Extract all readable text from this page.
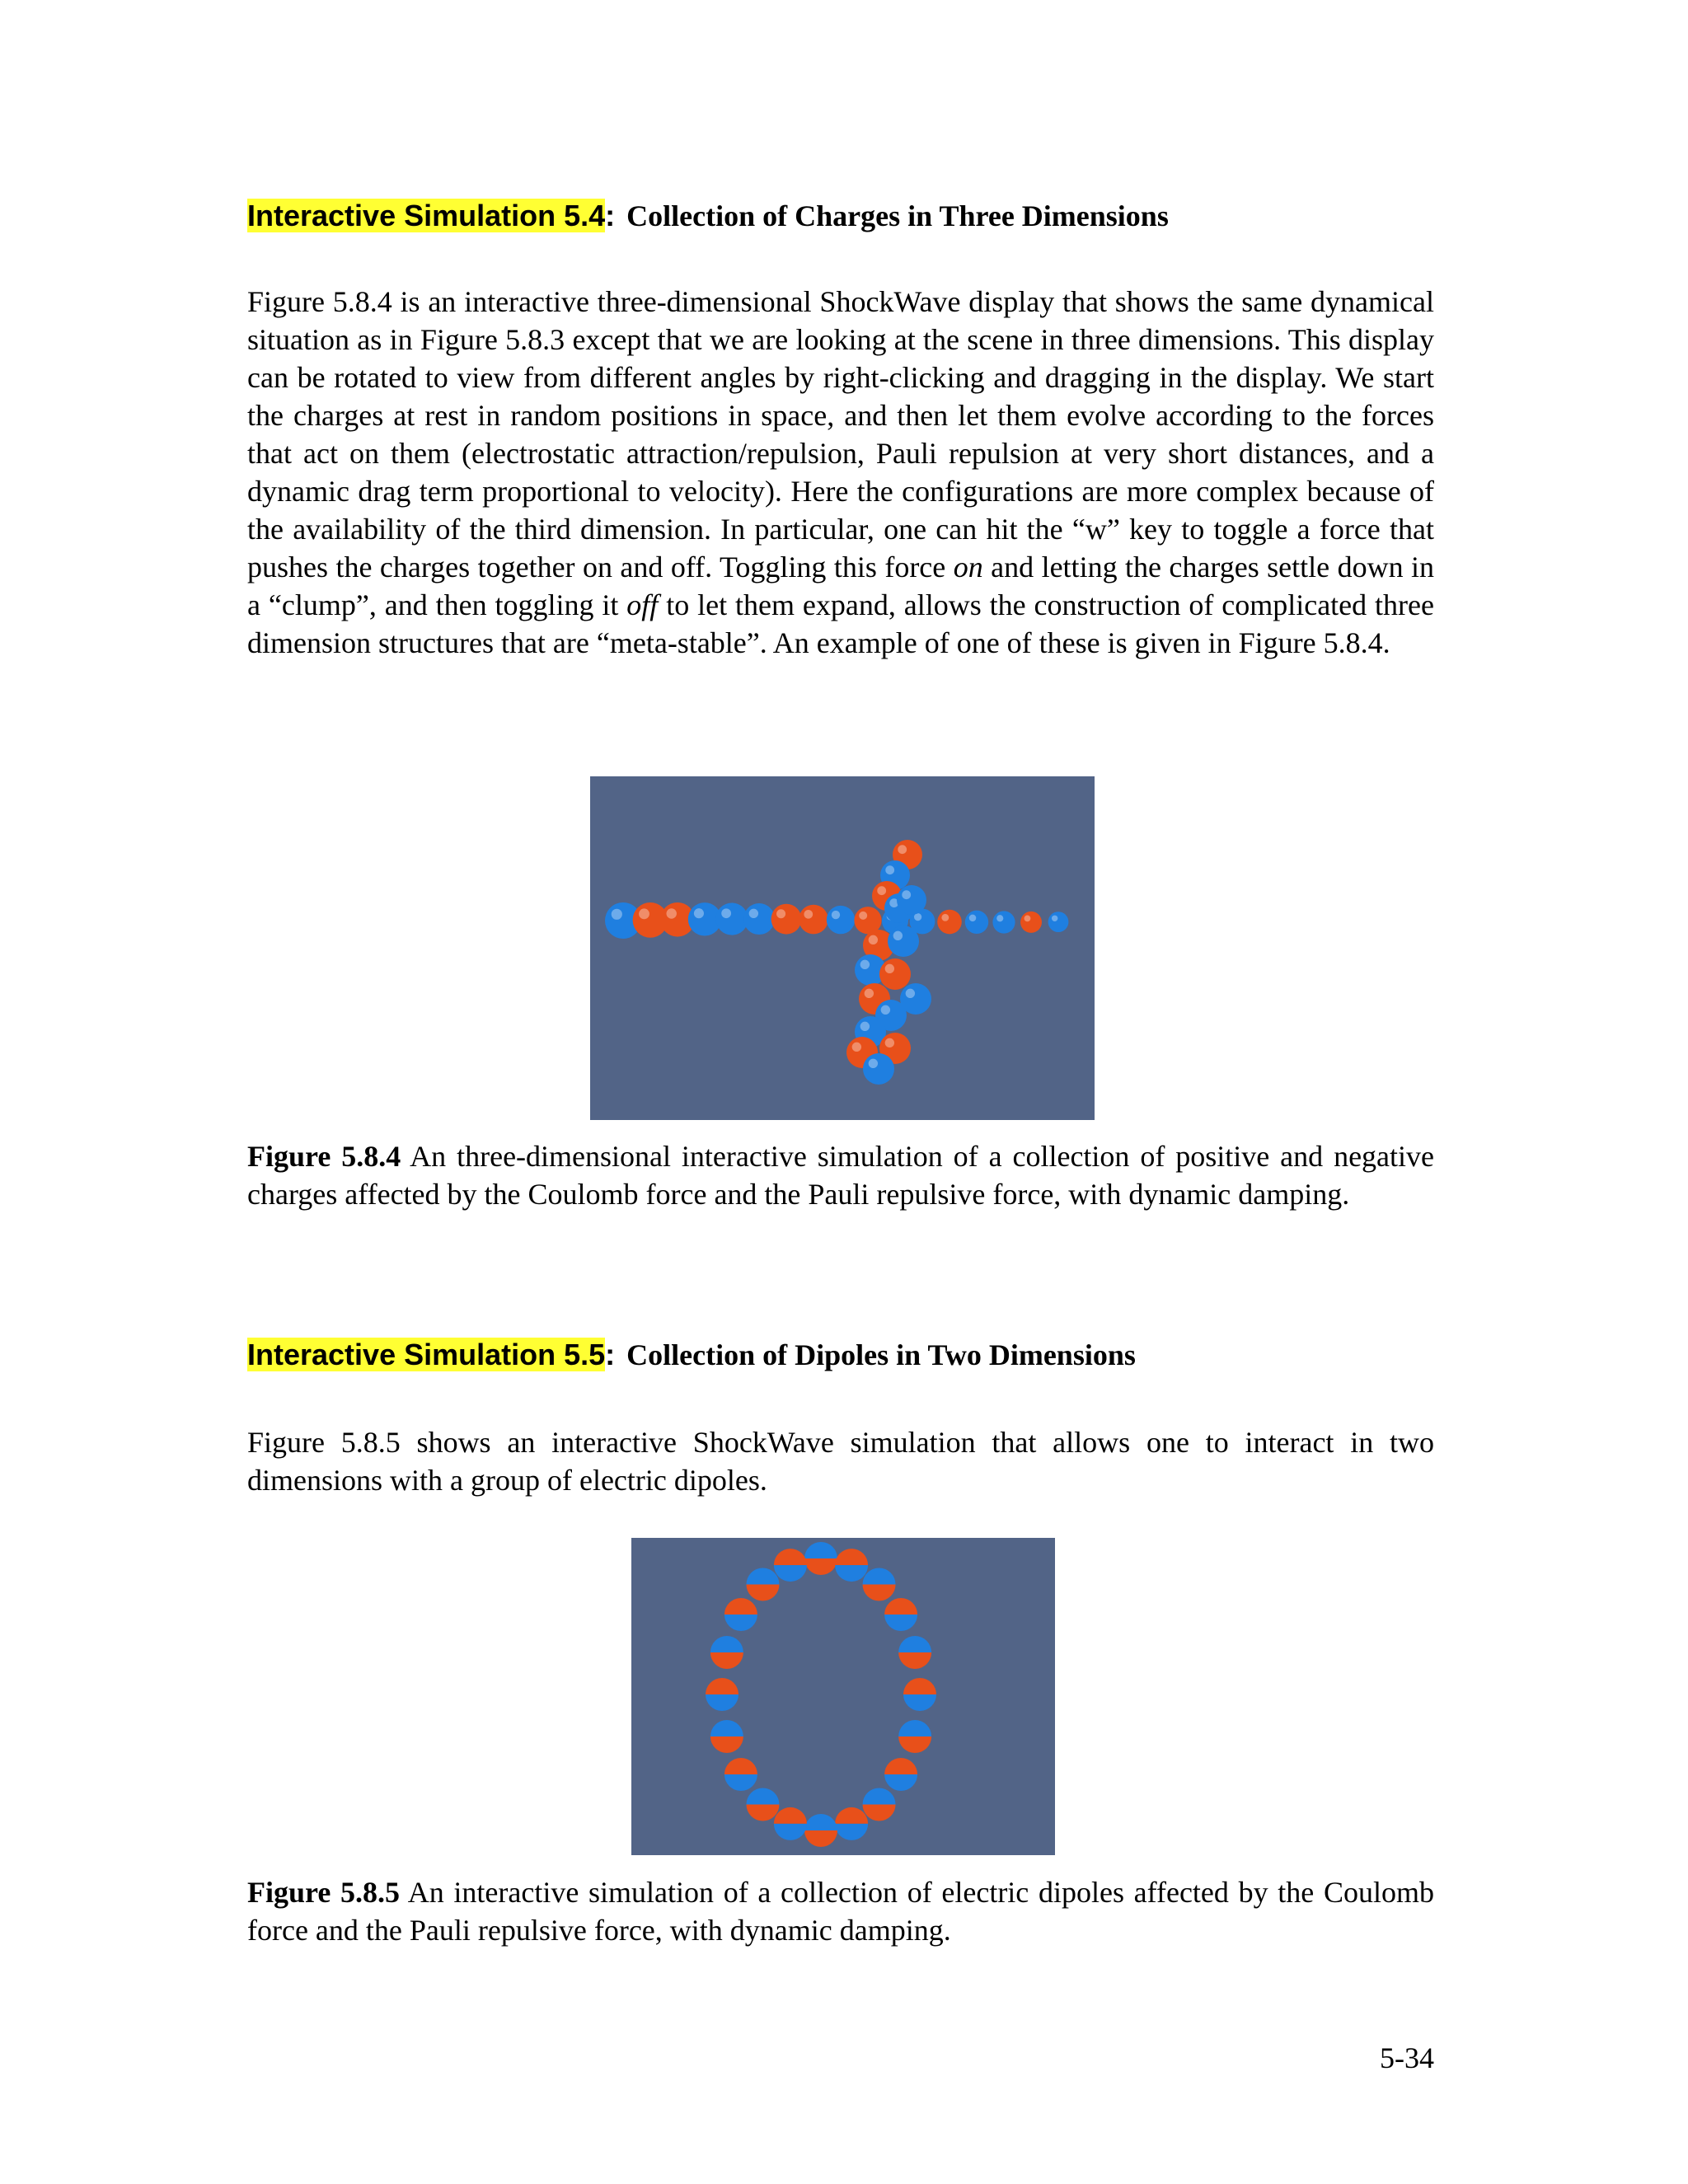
Interactive Simulation 5.4: Collection of Charges in Three Dimensions
Figure 5.8.4 is an interactive three-dimensional ShockWave display that shows the same dynamical situation as in Figure 5.8.3 except that we are looking at the scene in three dimensions. This display can be rotated to view from different angles by right-clicking and dragging in the display. We start the charges at rest in random positions in space, and then let them evolve according to the forces that act on them (electrostatic attraction/repulsion, Pauli repulsion at very short distances, and a dynamic drag term proportional to velocity). Here the configurations are more complex because of the availability of the third dimension. In particular, one can hit the “w” key to toggle a force that pushes the charges together on and off. Toggling this force on and letting the charges settle down in a “clump”, and then toggling it off to let them expand, allows the construction of complicated three dimension structures that are “meta-stable”. An example of one of these is given in Figure 5.8.4.
Figure 5.8.4 An three-dimensional interactive simulation of a collection of positive and negative charges affected by the Coulomb force and the Pauli repulsive force, with dynamic damping.
Interactive Simulation 5.5: Collection of Dipoles in Two Dimensions
Figure 5.8.5 shows an interactive ShockWave simulation that allows one to interact in two dimensions with a group of electric dipoles.
Figure 5.8.5 An interactive simulation of a collection of electric dipoles affected by the Coulomb force and the Pauli repulsive force, with dynamic damping.
5-34
